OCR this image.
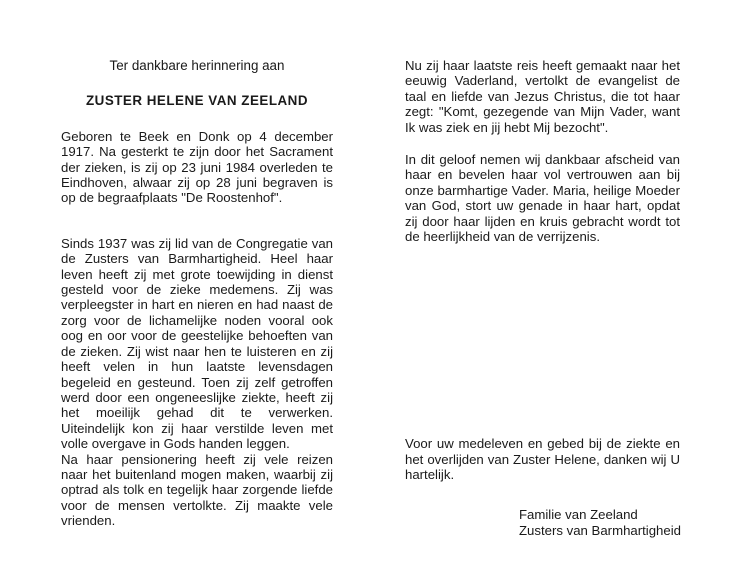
Ter dankbare herinnering aan

ZUSTER HELENE VAN ZEELAND

Geboren te Beek en Donk op 4 december 1917. Na gesterkt te zijn door het Sacrament der zieken, is zij op 23 juni 1984 overleden te Eindhoven, alwaar zij op 28 juni begraven is op de begraafplaats "De Roostenhof".

Sinds 1937 was zij lid van de Congregatie van de Zusters van Barmhartigheid. Heel haar leven heeft zij met grote toewijding in dienst gesteld voor de zieke medemens. Zij was verpleegster in hart en nieren en had naast de zorg voor de lichamelijke noden vooral ook oog en oor voor de geestelijke behoeften van de zieken. Zij wist naar hen te luisteren en zij heeft velen in hun laatste levensdagen begeleid en gesteund. Toen zij zelf getroffen werd door een ongeneeslijke ziekte, heeft zij het moeilijk gehad dit te verwerken. Uiteindelijk kon zij haar verstilde leven met volle overgave in Gods handen leggen.

Na haar pensionering heeft zij vele reizen naar het buitenland mogen maken, waarbij zij optrad als tolk en tegelijk haar zorgende liefde voor de mensen vertolkte. Zij maakte vele vrienden.

Nu zij haar laatste reis heeft gemaakt naar het eeuwig Vaderland, vertolkt de evangelist de taal en liefde van Jezus Christus, die tot haar zegt: "Komt, gezegende van Mijn Vader, want Ik was ziek en jij hebt Mij bezocht".

In dit geloof nemen wij dankbaar afscheid van haar en bevelen haar vol vertrouwen aan bij onze barmhartige Vader. Maria, heilige Moeder van God, stort uw genade in haar hart, opdat zij door haar lijden en kruis gebracht wordt tot de heerlijkheid van de verrijzenis.

Voor uw medeleven en gebed bij de ziekte en het overlijden van Zuster Helene, danken wij U hartelijk.

Familie van Zeeland
Zusters van Barmhartigheid
